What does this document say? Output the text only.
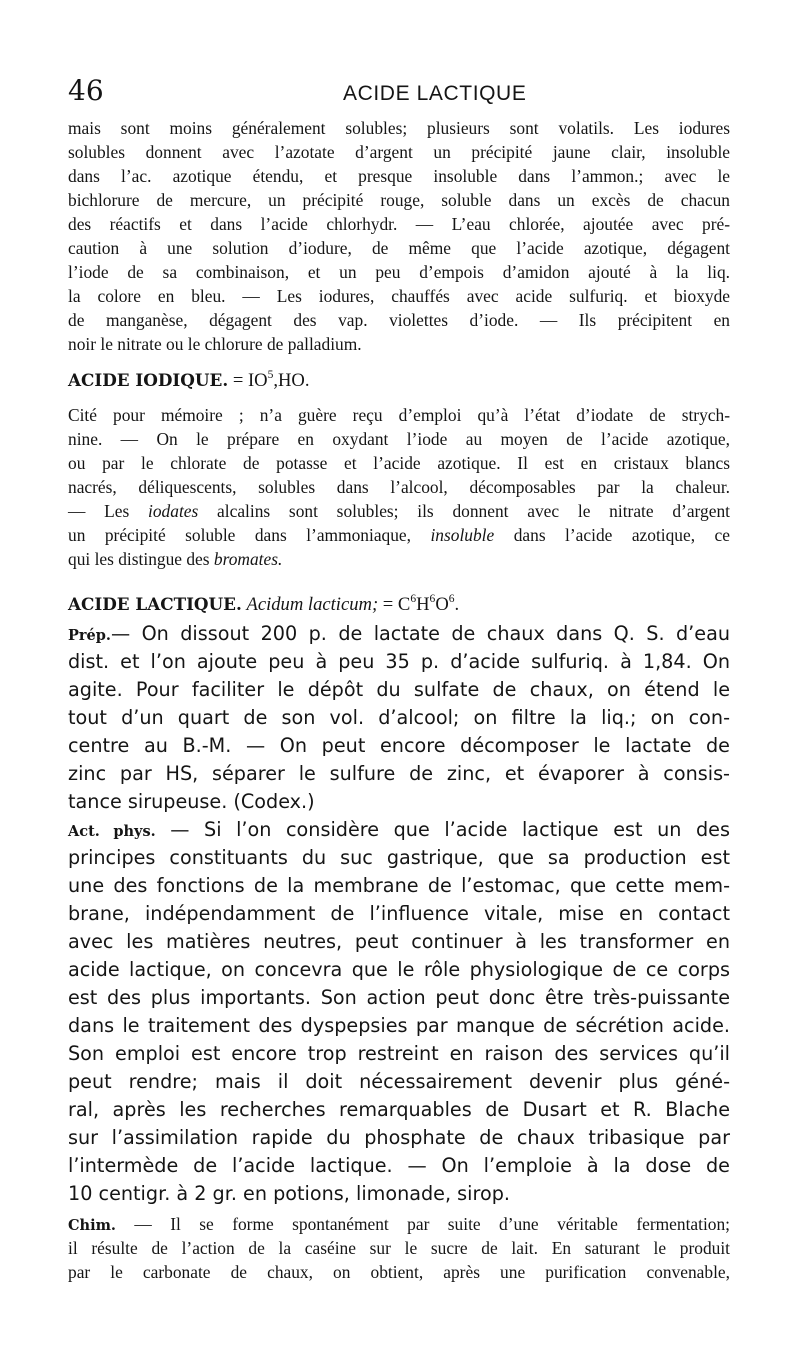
46	ACIDE LACTIQUE
mais sont moins généralement solubles; plusieurs sont volatils. Les iodures
solubles donnent avec l’azotate d’argent un précipité jaune clair, insoluble
dans l’ac. azotique étendu, et presque insoluble dans l’ammon.; avec le
bichlorure de mercure, un précipité rouge, soluble dans un excès de chacun
des réactifs et dans l’acide chlorhydr. — L’eau chlorée, ajoutée avec pré-
caution à une solution d’iodure, de même que l’acide azotique, dégagent
l’iode de sa combinaison, et un peu d’empois d’amidon ajouté à la liq.
la colore en bleu. — Les iodures, chauffés avec acide sulfuriq. et bioxyde
de manganèse, dégagent des vap. violettes d’iode. — Ils précipitent en
noir le nitrate ou le chlorure de palladium.
ACIDE IODIQUE. = $IO^5,HO$.
Cité pour mémoire ; n’a guère reçu d’emploi qu’à l’état d’iodate de strych-
nine. — On le prépare en oxydant l’iode au moyen de l’acide azotique,
ou par le chlorate de potasse et l’acide azotique. Il est en cristaux blancs
nacrés, déliquescents, solubles dans l’alcool, décomposables par la chaleur.
— Les iodates alcalins sont solubles; ils donnent avec le nitrate d’argent
un précipité soluble dans l’ammoniaque, insoluble dans l’acide azotique, ce
qui les distingue des bromates.
ACIDE LACTIQUE. Acidum lacticum; = $C^6H^6O^6$.
Prép.— On dissout 200 p. de lactate de chaux dans Q. S. d’eau
dist. et l’on ajoute peu à peu 35 p. d’acide sulfuriq. à 1,84. On
agite. Pour faciliter le dépôt du sulfate de chaux, on étend le
tout d’un quart de son vol. d’alcool; on filtre la liq.; on con-
centre au B.-M. — On peut encore décomposer le lactate de
zinc par HS, séparer le sulfure de zinc, et évaporer à consis-
tance sirupeuse. (Codex.)
Act. phys. — Si l’on considère que l’acide lactique est un des
principes constituants du suc gastrique, que sa production est
une des fonctions de la membrane de l’estomac, que cette mem-
brane, indépendamment de l’influence vitale, mise en contact
avec les matières neutres, peut continuer à les transformer en
acide lactique, on concevra que le rôle physiologique de ce corps
est des plus importants. Son action peut donc être très-puissante
dans le traitement des dyspepsies par manque de sécrétion acide.
Son emploi est encore trop restreint en raison des services qu’il
peut rendre; mais il doit nécessairement devenir plus géné-
ral, après les recherches remarquables de Dusart et R. Blache
sur l’assimilation rapide du phosphate de chaux tribasique par
l’intermède de l’acide lactique. — On l’emploie à la dose de
10 centigr. à 2 gr. en potions, limonade, sirop.
Chim. — Il se forme spontanément par suite d’une véritable fermentation;
il résulte de l’action de la caséine sur le sucre de lait. En saturant le produit
par le carbonate de chaux, on obtient, après une purification convenable,
